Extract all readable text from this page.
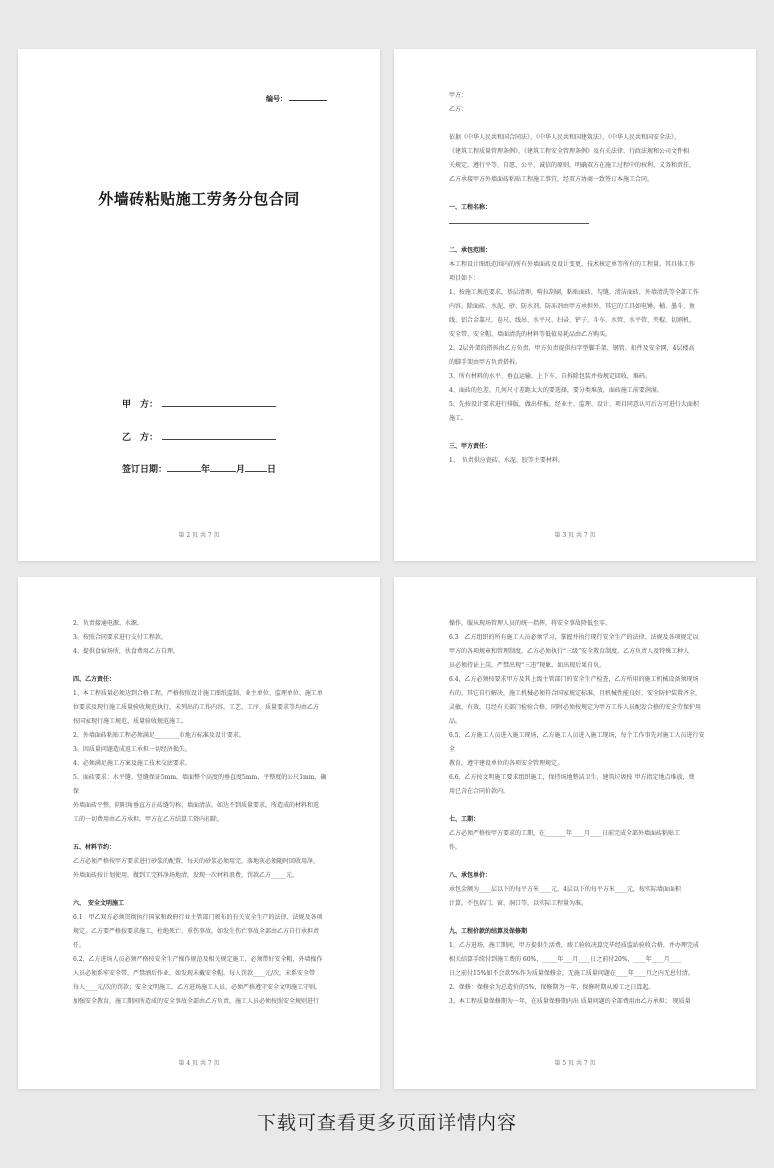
编号：
外墙砖粘贴施工劳务分包合同
甲　方：
乙　方：
签订日期：	年	月 日
第 2 页 共 7 页

甲方：

乙方：

依据《中华人民共和国合同法》、《中华人民共和国建筑法》、《中华人民共和国安全法》、

《建筑工程质量管理条例》、《建筑工程安全管理条例》及有关法律、行政法规和公司文件相

关规定，遵行平等、自愿、公平、诚信的原则，明确双方在施工过程中的权利、义务和责任，

乙方承接甲方外墙面砖粘贴工程施工事宜，经双方协商一致签订本施工合同。

一、工程名称：

二、承包范围：

本工程设计图纸范围内的所有外墙面砖及设计变更，技术核定单等所有的工程量。其具体工作

项目如下：

1、按施工规范要求，基层清理，啃拉刮刷，粘贴面砖，勾缝，清洁面砖，外墙清洗等全部工作

内容。除面砖、水泥、砂、防水剂，防冻剂由甲方承担外，其它的工具如电锤、桶、墨斗、鱼

线、铝合金靠尺、卷尺、线吊、水平尺、扫帚、铲子、斗车、水管、水平管、夹棍、切割机、

安全带、安全帽、墙面清洗的材料等低值易耗品由乙方购买。

2、2层外架的搭拆由乙方负责，甲方负责提供扫字型脚手架、钢管、扣件及安全网，4层楼高

的脚手架由甲方负责搭拆。

3、所有材料的水平、垂直运输、上下车、自拆除包装并按规定回收，堆码。

4、面砖的色差、几何尺寸差距太大的要选择，要分类堆放，面砖施工前要润湿。

5、先按设计要求进行排版，做出样板，经业主、监理、设计、项目同意认可后方可进行大面积

施工。

三、甲方责任：

1、　负责供应瓷砖、水泥、胶等主要材料。

第 3 页 共 7 页

2、负责接通电源、水源。

3、按照合同要求进行支付工程款。

4、提供食宿场所，伙食费用乙方自理。

四、乙方责任：

1、本工程质量必须达到合格工程，严格按照设计施工图纸监制、业主单位、监理单位、施工单

位要求及现行施工质量验收规范执行，未列出的工作内容，工艺、工序、质量要求等均由乙方

按国家现行施工规范、质量验收规范施工。

2、外墙面砖粘贴工程必须满足________市地方标准及设计要求。

3、因质量问题造成返工承担一切经济损失。

4、必须满足施工方案及施工技术交底要求。

5、面砖要求：水平缝、竖缝保证5mm，墙面整个高度的垂直度5mm，平整度的公尺1mm，确保

外墙面砖平整，阴阳角垂直方正砖缝匀称、墙面清洁，如达不到质量要求，所造成的材料和返

工的一切费用由乙方承担，甲方在乙方结算工资内扣除。

五、材料节约：

乙方必须严格按甲方要求进行砂浆的配置，每天的砂浆必须用完，落地灰必须随时回收用净，

外墙面砖按计划使用，做到工完料净场地清，发现一次材料浪费，罚款乙方_____元。

六、　安全文明施工

6.1　甲乙双方必须贯彻执行国家和政府行业主管部门颁布的有关安全生产的法律、法规及各项

规定。乙方要严格按要求施工，杜绝死亡、重伤事故，如发生伤亡事故全部由乙方自行承担责

任。

6.2、乙方进场人员必须严格按安全生产操作规范及相关规定施工，必须带好安全帽，外墙操作

人员必须系牢安全带，严禁酒后作业，如发现未戴安全帽，每人罚款____元/次，未系安全带

每人____元/次的罚款；安全文明施工，乙方进场施工人员、必须严格遵守安全文明施工守则，

加强安全教育，施工期间所造成的安全事故全部由乙方负责，施工人员必须按照安全规则进行

第 4 页 共 7 页

操作，服从现场管理人员的统一指挥，将安全事故降低至零。

6.3　乙方组织的所有施工人员必须学习，掌握并执行现行安全生产的法律、法规及各项规定以

甲方的各项规章和管理制度，乙方必须执行“三级”安全教育制度，乙方负责人及特殊工种人

员必须持证上岗，严禁出现“三违”现象，如出现后果自负。

6.4、乙方必须按要求甲方及其上级主管部门的安全生产检查，乙方所用的施工机械设备须现场

有的，其它自行解决，施工机械必须符合国家规定标准，且机械性能良好，安全防护装置齐全，

灵敏，有效，且经有关部门检验合格，同时必须按规定为甲方工作人员配发合格的安全劳保护用

品。

6.5、乙方施工人员进入施工现场，乙方施工人员进入施工现场，每个工作事先对施工人员进行安全

教育，遵守建设单位的各项安全管理规定。

6.6、乙方按文明施工要求组织施工，保持场地整洁卫生，建筑垃圾按 甲方指定地点堆放，费

用已含在合同价款内。

七、工期：

乙方必须严格按甲方要求的工期，在_______年____月____日前完成全部外墙面砖粘贴工

作。

八、承包单价：

承包金额为____层以下的每平方米____元，4层以下的每平方米____元，按实际墙面面积

计算，不包括门、窗、洞口等，以实际工程量为准。

九、工程价款的结算及保修期

1、乙方进场，施工期间，甲方提供生活费，竣工验收决算完毕经质监站验收合格，并办理完成

相关结算手续付到施工费的 60%，_____年___月____日之前付20%，____年____月____

日之前付15%如不会款5%作为质量保修金，无施工质量问题在____年____月之内无息付清。

2、保修：保修金为总造价的5%，保修期为一年，保修时期从竣工之日算起。

3、本工程质量保修期为一年，在质量保修期内出 质量问题的全部费用由乙方承担； 现质量

第 5 页 共 7 页
下载可查看更多页面详情内容
